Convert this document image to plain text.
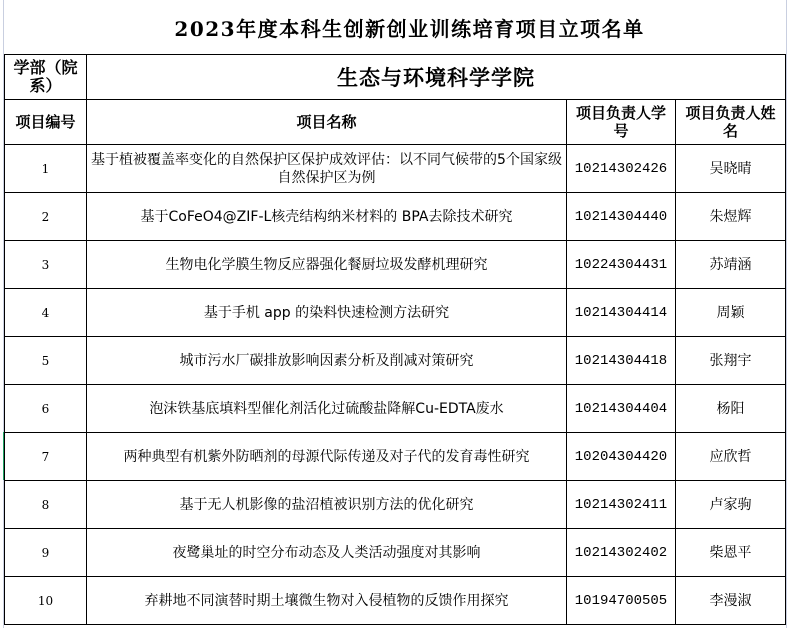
2023年度本科生创新创业训练培育项目立项名单
学部（院系）	生态与环境科学学院		
项目编号	项目名称	项目负责人学号	项目负责人姓名
1	基于植被覆盖率变化的自然保护区保护成效评估：以不同气候带的5个国家级自然保护区为例	10214302426	吴晓晴
2	基于CoFeO4@ZIF-L核壳结构纳米材料的 BPA去除技术研究	10214304440	朱煜辉
3	生物电化学膜生物反应器强化餐厨垃圾发酵机理研究	10224304431	苏靖涵
4	基于手机 app 的染料快速检测方法研究	10214304414	周颖
5	城市污水厂碳排放影响因素分析及削减对策研究	10214304418	张翔宇
6	泡沫铁基底填料型催化剂活化过硫酸盐降解Cu-EDTA废水	10214304404	杨阳
7	两种典型有机紫外防晒剂的母源代际传递及对子代的发育毒性研究	10204304420	应欣哲
8	基于无人机影像的盐沼植被识别方法的优化研究	10214302411	卢家驹
9	夜鹭巢址的时空分布动态及人类活动强度对其影响	10214302402	柴恩平
10	弃耕地不同演替时期土壤微生物对入侵植物的反馈作用探究	10194700505	李漫淑
